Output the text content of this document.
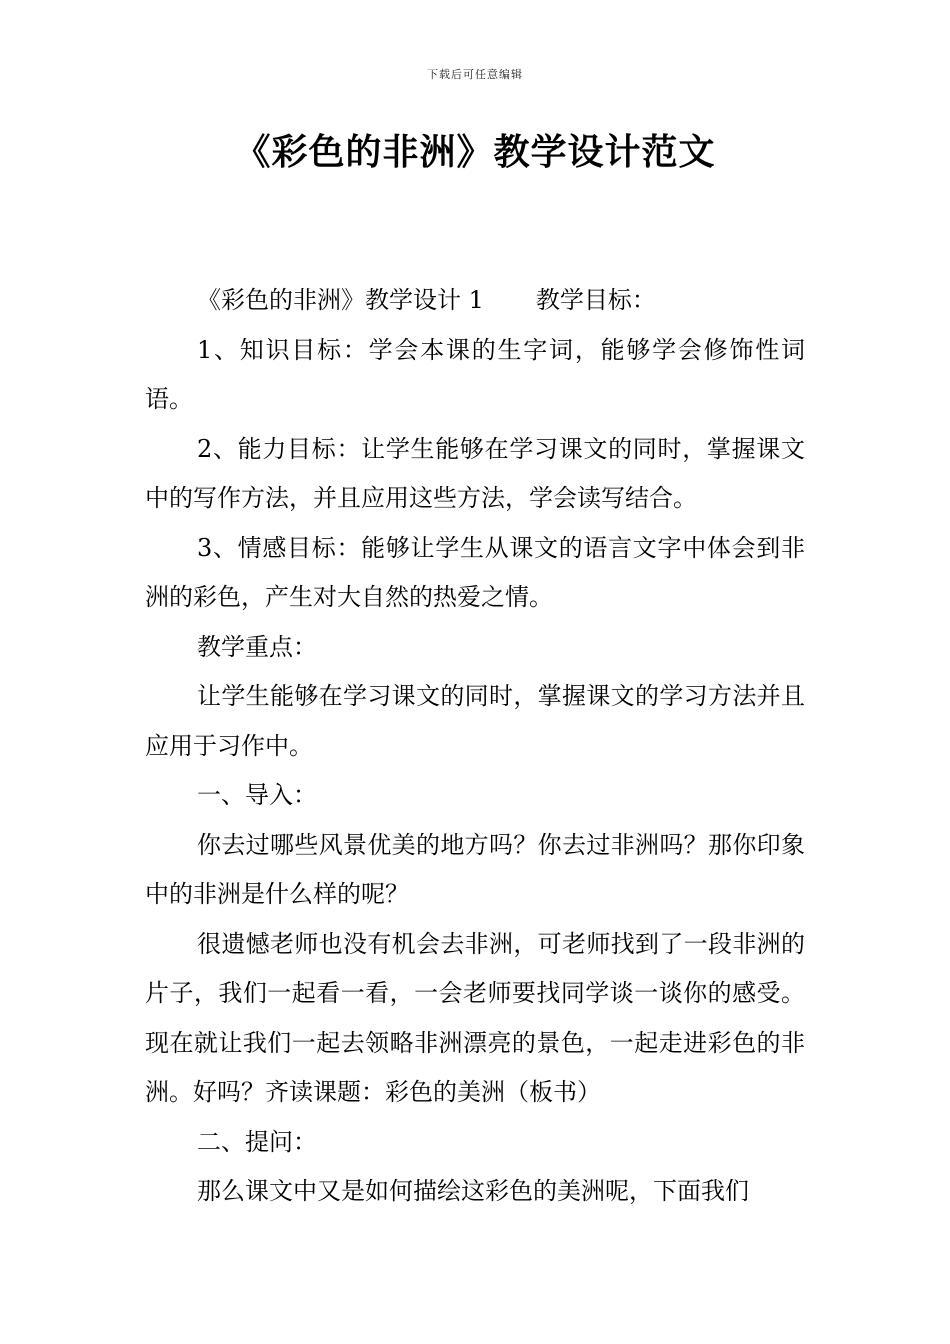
下载后可任意编辑
《彩色的非洲》教学设计范文

《彩色的非洲》教学设计 1 教学目标：

1、知识目标：学会本课的生字词，能够学会修饰性词语。

2、能力目标：让学生能够在学习课文的同时，掌握课文中的写作方法，并且应用这些方法，学会读写结合。

3、情感目标：能够让学生从课文的语言文字中体会到非洲的彩色，产生对大自然的热爱之情。

教学重点：

让学生能够在学习课文的同时，掌握课文的学习方法并且应用于习作中。

一、导入：

你去过哪些风景优美的地方吗？你去过非洲吗？那你印象中的非洲是什么样的呢？

很遗憾老师也没有机会去非洲，可老师找到了一段非洲的片子，我们一起看一看，一会老师要找同学谈一谈你的感受。现在就让我们一起去领略非洲漂亮的景色，一起走进彩色的非洲。好吗？齐读课题：彩色的美洲（板书）

二、提问：

那么课文中又是如何描绘这彩色的美洲呢，下面我们
